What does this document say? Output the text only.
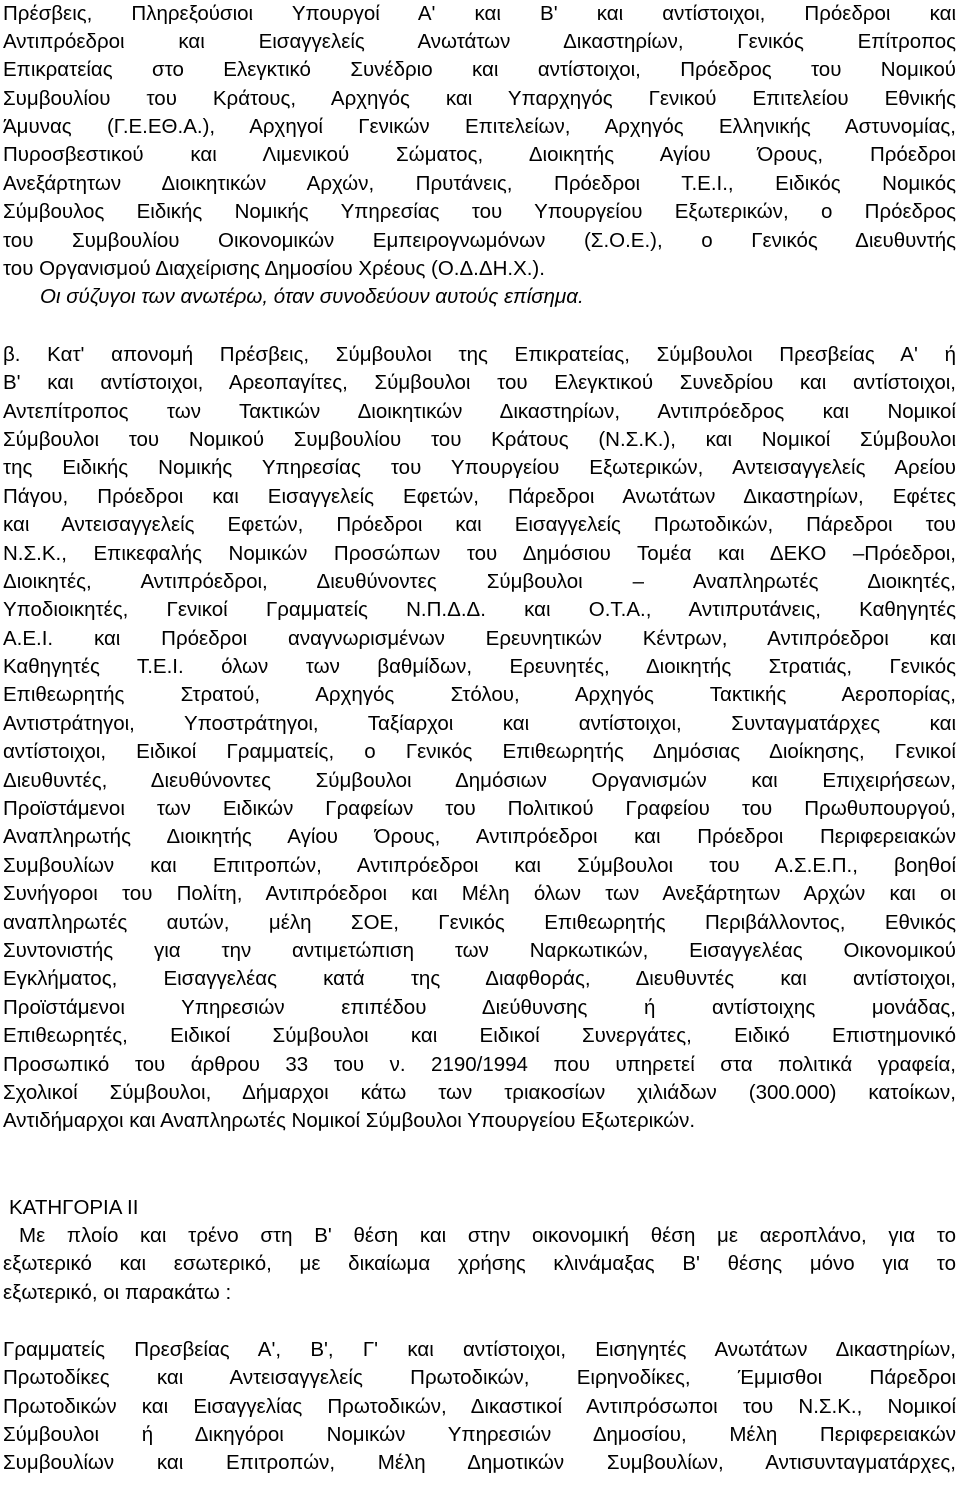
Πρέσβεις, Πληρεξούσιοι Υπουργοί Α' και Β' και αντίστοιχοι, Πρόεδροι και
Αντιπρόεδροι και Εισαγγελείς Ανωτάτων Δικαστηρίων, Γενικός Επίτροπος
Επικρατείας στο Ελεγκτικό Συνέδριο και αντίστοιχοι, Πρόεδρος του Νομικού
Συμβουλίου του Κράτους, Αρχηγός και Υπαρχηγός Γενικού Επιτελείου Εθνικής
Άμυνας (Γ.Ε.ΕΘ.Α.), Αρχηγοί Γενικών Επιτελείων, Αρχηγός Ελληνικής Αστυνομίας,
Πυροσβεστικού και Λιμενικού Σώματος, Διοικητής Αγίου Όρους, Πρόεδροι
Ανεξάρτητων Διοικητικών Αρχών, Πρυτάνεις, Πρόεδροι Τ.Ε.Ι., Ειδικός Νομικός
Σύμβουλος Ειδικής Νομικής Υπηρεσίας του Υπουργείου Εξωτερικών, ο Πρόεδρος
του Συμβουλίου Οικονομικών Εμπειρογνωμόνων (Σ.Ο.Ε.), ο Γενικός Διευθυντής
του Οργανισμού Διαχείρισης Δημοσίου Χρέους (Ο.Δ.ΔΗ.Χ.).
Οι σύζυγοι των ανωτέρω, όταν συνοδεύουν αυτούς επίσημα.
β. Κατ' απονομή Πρέσβεις, Σύμβουλοι της Επικρατείας, Σύμβουλοι Πρεσβείας Α' ή
Β' και αντίστοιχοι, Αρεοπαγίτες, Σύμβουλοι του Ελεγκτικού Συνεδρίου και αντίστοιχοι,
Αντεπίτροπος των Τακτικών Διοικητικών Δικαστηρίων, Αντιπρόεδρος και Νομικοί
Σύμβουλοι του Νομικού Συμβουλίου του Κράτους (Ν.Σ.Κ.), και Νομικοί Σύμβουλοι
της Ειδικής Νομικής Υπηρεσίας του Υπουργείου Εξωτερικών, Αντεισαγγελείς Αρείου
Πάγου, Πρόεδροι και Εισαγγελείς Εφετών, Πάρεδροι Ανωτάτων Δικαστηρίων, Εφέτες
και Αντεισαγγελείς Εφετών, Πρόεδροι και Εισαγγελείς Πρωτοδικών, Πάρεδροι του
Ν.Σ.Κ., Επικεφαλής Νομικών Προσώπων του Δημόσιου Τομέα και ΔΕΚΟ –Πρόεδροι,
Διοικητές, Αντιπρόεδροι, Διευθύνοντες Σύμβουλοι – Αναπληρωτές Διοικητές,
Υποδιοικητές, Γενικοί Γραμματείς Ν.Π.Δ.Δ. και Ο.Τ.Α., Αντιπρυτάνεις, Καθηγητές
Α.Ε.Ι. και Πρόεδροι αναγνωρισμένων Ερευνητικών Κέντρων, Αντιπρόεδροι και
Καθηγητές Τ.Ε.Ι. όλων των βαθμίδων, Ερευνητές, Διοικητής Στρατιάς, Γενικός
Επιθεωρητής Στρατού, Αρχηγός Στόλου, Αρχηγός Τακτικής Αεροπορίας,
Αντιστράτηγοι, Υποστράτηγοι, Ταξίαρχοι και αντίστοιχοι, Συνταγματάρχες και
αντίστοιχοι, Ειδικοί Γραμματείς, ο Γενικός Επιθεωρητής Δημόσιας Διοίκησης, Γενικοί
Διευθυντές, Διευθύνοντες Σύμβουλοι Δημόσιων Οργανισμών και Επιχειρήσεων,
Προϊστάμενοι των Ειδικών Γραφείων του Πολιτικού Γραφείου του Πρωθυπουργού,
Αναπληρωτής Διοικητής Αγίου Όρους, Αντιπρόεδροι και Πρόεδροι Περιφερειακών
Συμβουλίων και Επιτροπών, Αντιπρόεδροι και Σύμβουλοι του Α.Σ.Ε.Π., βοηθοί
Συνήγοροι του Πολίτη, Αντιπρόεδροι και Μέλη όλων των Ανεξάρτητων Αρχών και οι
αναπληρωτές αυτών, μέλη ΣΟΕ, Γενικός Επιθεωρητής Περιβάλλοντος, Εθνικός
Συντονιστής για την αντιμετώπιση των Ναρκωτικών, Εισαγγελέας Οικονομικού
Εγκλήματος, Εισαγγελέας κατά της Διαφθοράς, Διευθυντές και αντίστοιχοι,
Προϊστάμενοι Υπηρεσιών επιπέδου Διεύθυνσης ή αντίστοιχης μονάδας,
Επιθεωρητές, Ειδικοί Σύμβουλοι και Ειδικοί Συνεργάτες, Ειδικό Επιστημονικό
Προσωπικό του άρθρου 33 του ν. 2190/1994 που υπηρετεί στα πολιτικά γραφεία,
Σχολικοί Σύμβουλοι, Δήμαρχοι κάτω των τριακοσίων χιλιάδων (300.000) κατοίκων,
Αντιδήμαρχοι και Αναπληρωτές Νομικοί Σύμβουλοι Υπουργείου Εξωτερικών.
ΚΑΤΗΓΟΡΙΑ ΙΙ
Με πλοίο και τρένο στη Β' θέση και στην οικονομική θέση με αεροπλάνο, για το
εξωτερικό και εσωτερικό, με δικαίωμα χρήσης κλινάμαξας Β' θέσης μόνο για το
εξωτερικό, οι παρακάτω :
Γραμματείς Πρεσβείας Α', Β', Γ' και αντίστοιχοι, Εισηγητές Ανωτάτων Δικαστηρίων,
Πρωτοδίκες και Αντεισαγγελείς Πρωτοδικών, Ειρηνοδίκες, Έμμισθοι Πάρεδροι
Πρωτοδικών και Εισαγγελίας Πρωτοδικών, Δικαστικοί Αντιπρόσωποι του Ν.Σ.Κ., Νομικοί
Σύμβουλοι ή Δικηγόροι Νομικών Υπηρεσιών Δημοσίου, Μέλη Περιφερειακών
Συμβουλίων και Επιτροπών, Μέλη Δημοτικών Συμβουλίων, Αντισυνταγματάρχες,
